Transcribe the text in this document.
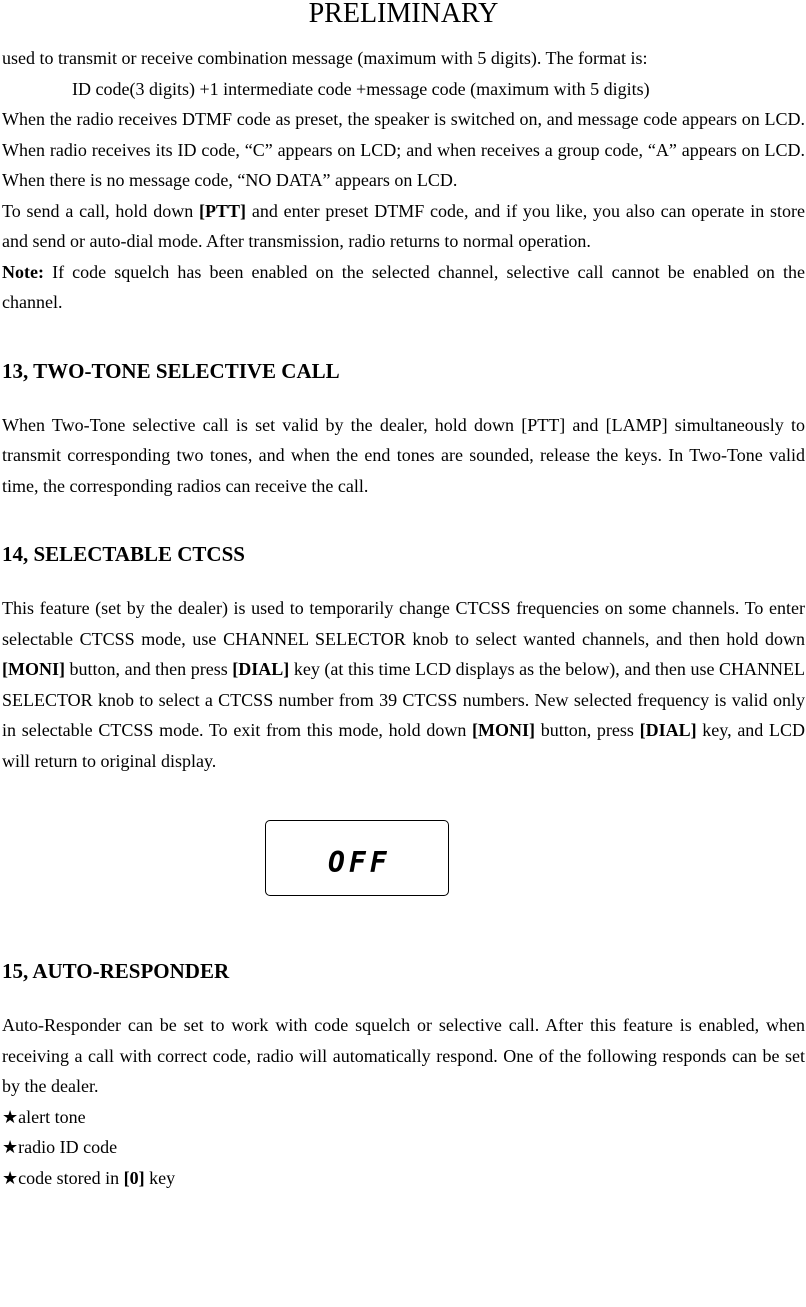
PRELIMINARY

used to transmit or receive combination message (maximum with 5 digits). The format is:

ID code(3 digits) +1 intermediate code +message code (maximum with 5 digits)

When the radio receives DTMF code as preset, the speaker is switched on, and message code appears on LCD. When radio receives its ID code, “C” appears on LCD; and when receives a group code, “A” appears on LCD. When there is no message code, “NO DATA” appears on LCD.

To send a call, hold down [PTT] and enter preset DTMF code, and if you like, you also can operate in store and send or auto-dial mode. After transmission, radio returns to normal operation.

Note: If code squelch has been enabled on the selected channel, selective call cannot be enabled on the channel.

13, TWO-TONE SELECTIVE CALL

When Two-Tone selective call is set valid by the dealer, hold down [PTT] and [LAMP] simultaneously to transmit corresponding two tones, and when the end tones are sounded, release the keys. In Two-Tone valid time, the corresponding radios can receive the call.

14, SELECTABLE CTCSS

This feature (set by the dealer) is used to temporarily change CTCSS frequencies on some channels. To enter selectable CTCSS mode, use CHANNEL SELECTOR knob to select wanted channels, and then hold down [MONI] button, and then press [DIAL] key (at this time LCD displays as the below), and then use CHANNEL SELECTOR knob to select a CTCSS number from 39 CTCSS numbers. New selected frequency is valid only in selectable CTCSS mode. To exit from this mode, hold down [MONI] button, press [DIAL] key, and LCD will return to original display.

OFF
15, AUTO-RESPONDER

Auto-Responder can be set to work with code squelch or selective call. After this feature is enabled, when receiving a call with correct code, radio will automatically respond. One of the following responds can be set by the dealer.

★alert tone

★radio ID code

★code stored in [0] key
